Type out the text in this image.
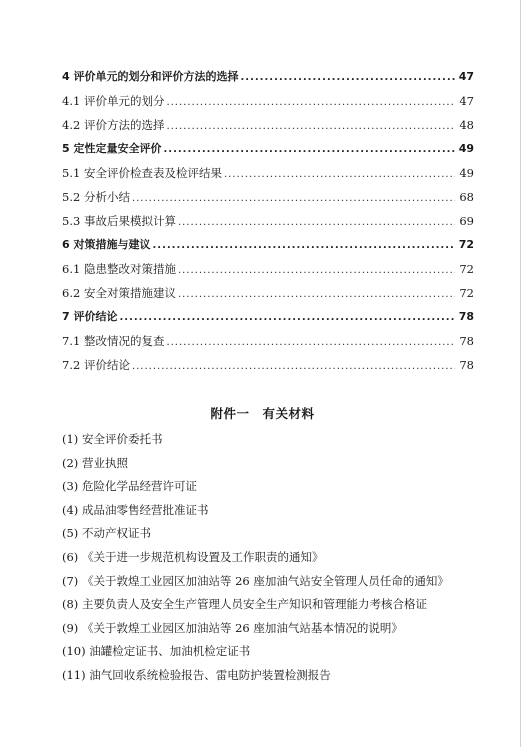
4 评价单元的划分和评价方法的选择 .....	47
4.1 评价单元的划分 .....	47
4.2 评价方法的选择 .....	48
5 定性定量安全评价 .....	49
5.1 安全评价检查表及检评结果 .....	49
5.2 分析小结 .....	68
5.3 事故后果模拟计算 .....	69
6 对策措施与建议 .....	72
6.1 隐患整改对策措施 .....	72
6.2 安全对策措施建议 .....	72
7 评价结论 .....	78
7.1 整改情况的复查 .....	78
7.2 评价结论 .....	78
附件一　有关材料
(1) 安全评价委托书
(2) 营业执照
(3) 危险化学品经营许可证
(4) 成品油零售经营批准证书
(5) 不动产权证书
(6) 《关于进一步规范机构设置及工作职责的通知》
(7) 《关于敦煌工业园区加油站等 26 座加油气站安全管理人员任命的通知》
(8) 主要负责人及安全生产管理人员安全生产知识和管理能力考核合格证
(9) 《关于敦煌工业园区加油站等 26 座加油气站基本情况的说明》
(10) 油罐检定证书、加油机检定证书
(11) 油气回收系统检验报告、雷电防护装置检测报告
